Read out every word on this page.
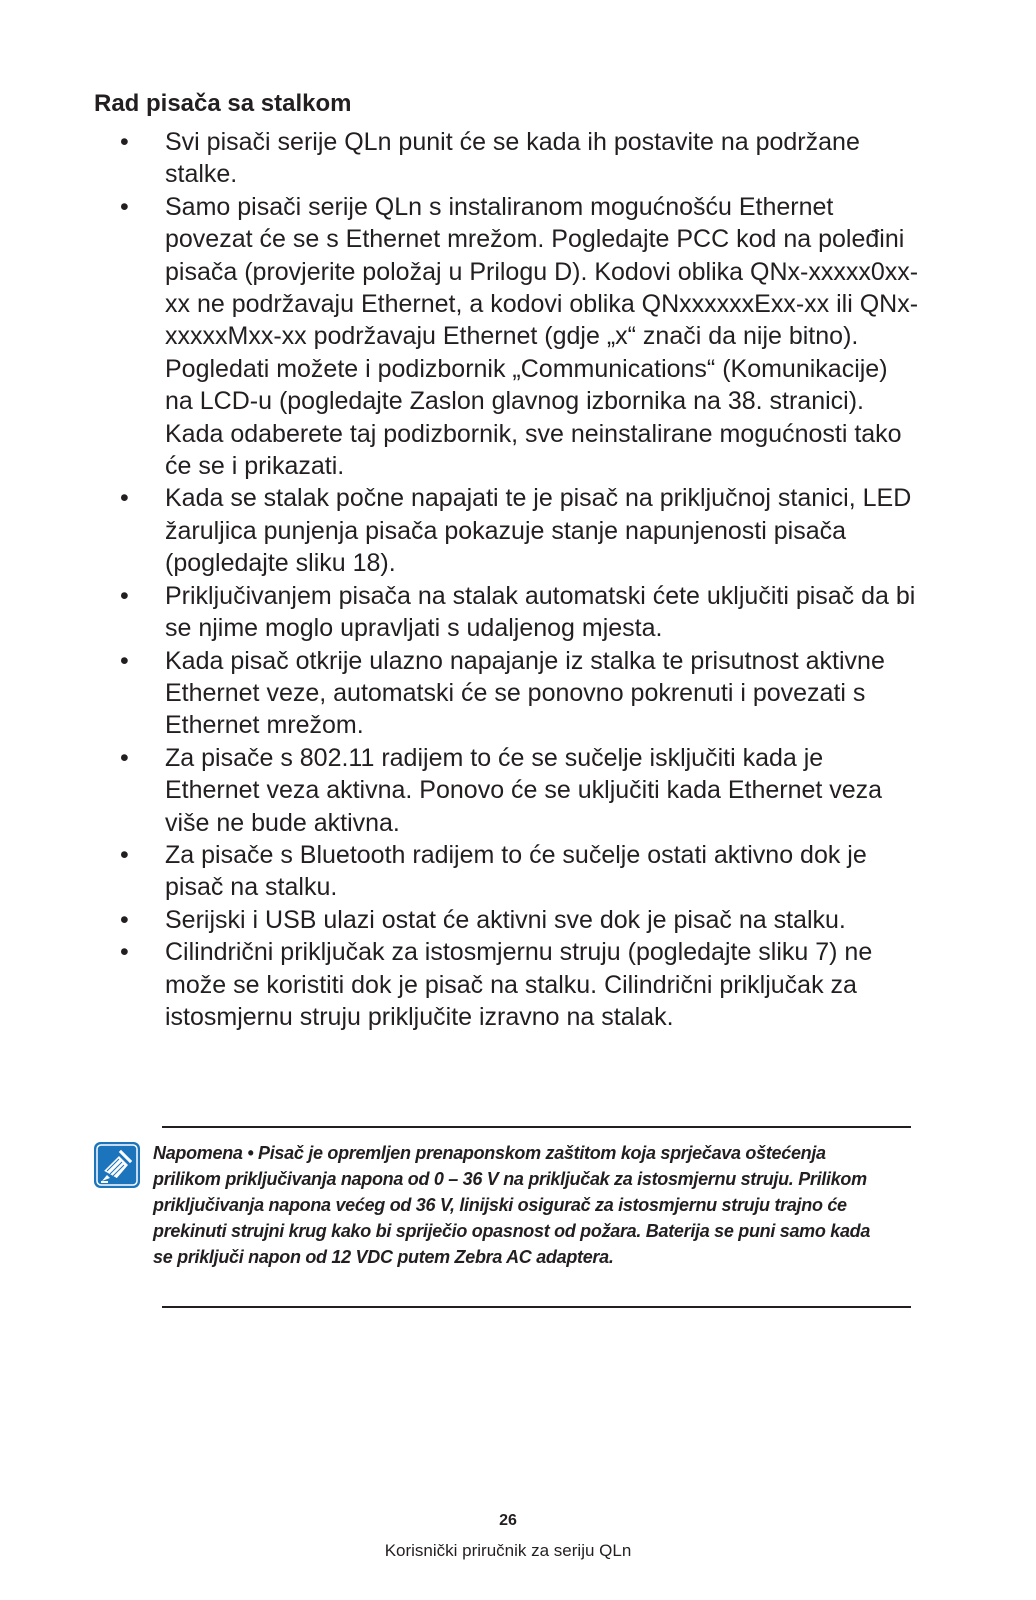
Rad pisača sa stalkom
•	Svi pisači serije QLn punit će se kada ih postavite na podržane stalke.
•	Samo pisači serije QLn s instaliranom mogućnošću Ethernet povezat će se s Ethernet mrežom. Pogledajte PCC kod na poleđini pisača (provjerite položaj u Prilogu D). Kodovi oblika QNx-xxxxx0xx-xx ne podržavaju Ethernet, a kodovi oblika QNxxxxxxExx-xx ili QNx-xxxxxMxx-xx podržavaju Ethernet (gdje „x“ znači da nije bitno). Pogledati možete i podizbornik „Communications“ (Komunikacije) na LCD-u (pogledajte Zaslon glavnog izbornika na 38. stranici). Kada odaberete taj podizbornik, sve neinstalirane mogućnosti tako će se i prikazati.
•	Kada se stalak počne napajati te je pisač na priključnoj stanici, LED žaruljica punjenja pisača pokazuje stanje napunjenosti pisača (pogledajte sliku 18).
•	Priključivanjem pisača na stalak automatski ćete uključiti pisač da bi se njime moglo upravljati s udaljenog mjesta.
•	Kada pisač otkrije ulazno napajanje iz stalka te prisutnost aktivne Ethernet veze, automatski će se ponovno pokrenuti i povezati s Ethernet mrežom.
•	Za pisače s 802.11 radijem to će se sučelje isključiti kada je Ethernet veza aktivna. Ponovo će se uključiti kada Ethernet veza više ne bude aktivna.
•	Za pisače s Bluetooth radijem to će sučelje ostati aktivno dok je pisač na stalku.
•	Serijski i USB ulazi ostat će aktivni sve dok je pisač na stalku.
•	Cilindrični priključak za istosmjernu struju (pogledajte sliku 7) ne može se koristiti dok je pisač na stalku. Cilindrični priključak za istosmjernu struju priključite izravno na stalak.

Napomena • Pisač je opremljen prenaponskom zaštitom koja sprječava oštećenja prilikom priključivanja napona od 0 – 36 V na priključak za istosmjernu struju. Prilikom priključivanja napona većeg od 36 V, linijski osigurač za istosmjernu struju trajno će prekinuti strujni krug kako bi spriječio opasnost od požara. Baterija se puni samo kada se priključi napon od 12 VDC putem Zebra AC adaptera.

26
Korisnički priručnik za seriju QLn
